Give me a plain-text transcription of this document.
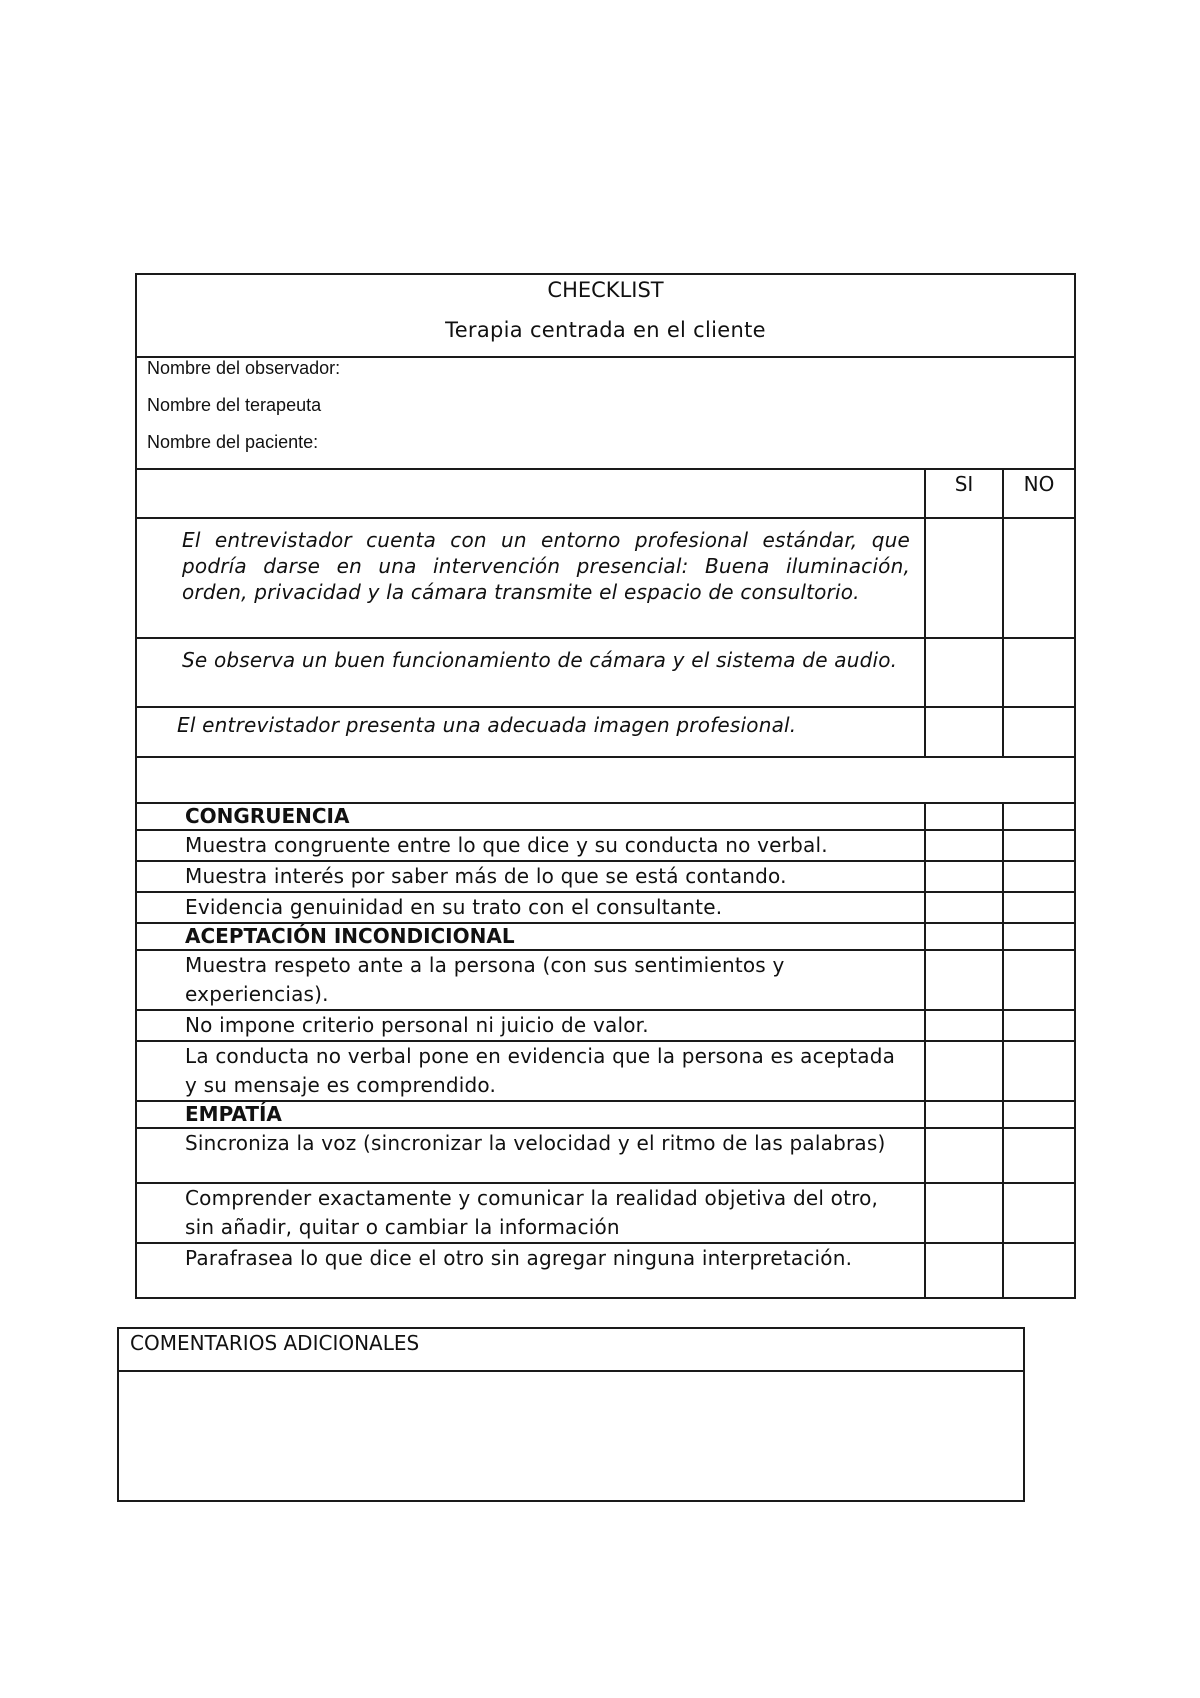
CHECKLIST
Terapia centrada en el cliente		

Nombre del observador:
Nombre del terapeuta
Nombre del paciente:		

	SI	NO

El entrevistador cuenta con un entorno profesional estándar, que podría darse en una intervención presencial: Buena iluminación, orden, privacidad y la cámara transmite el espacio de consultorio.		

Se observa un buen funcionamiento de cámara y el sistema de audio.		

El entrevistador presenta una adecuada imagen profesional.		

CONGRUENCIA		

Muestra congruente entre lo que dice y su conducta no verbal.		

Muestra interés por saber más de lo que se está contando.		

Evidencia genuinidad en su trato con el consultante.		

ACEPTACIÓN INCONDICIONAL		

Muestra respeto ante a la persona (con sus sentimientos y experiencias).		

No impone criterio personal ni juicio de valor.		

La conducta no verbal pone en evidencia que la persona es aceptada y su mensaje es comprendido.		

EMPATÍA		

Sincroniza la voz (sincronizar la velocidad y el ritmo de las palabras)		

Comprender exactamente y comunicar la realidad objetiva del otro, sin añadir, quitar o cambiar la información		

Parafrasea lo que dice el otro sin agregar ninguna interpretación.		

COMENTARIOS ADICIONALES
